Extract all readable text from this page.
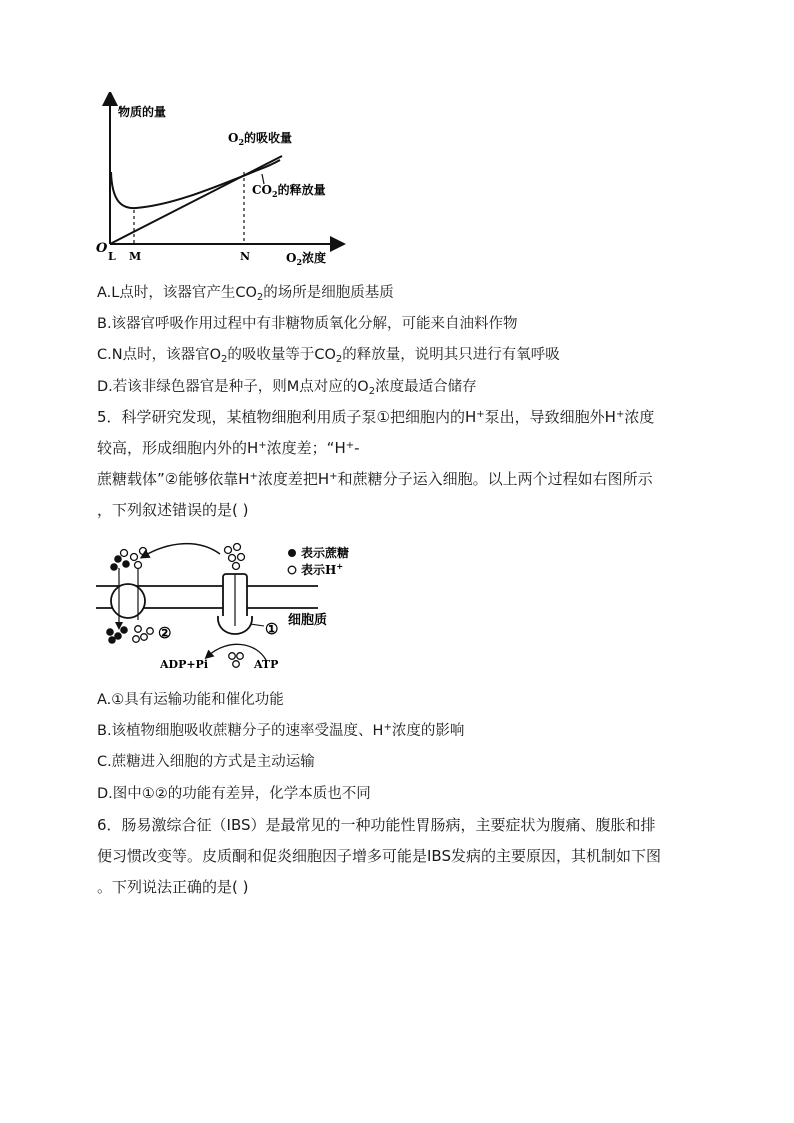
物质的量
O
$O_2$浓度
L M	N
$O_2$的吸收量
$CO_2$的释放量
A.L点时，该器官产生$CO_2$的场所是细胞质基质
B.该器官呼吸作用过程中有非糖物质氧化分解，可能来自油料作物
C.N点时，该器官$O_2$的吸收量等于$CO_2$的释放量，说明其只进行有氧呼吸
D.若该非绿色器官是种子，则M点对应的$O_2$浓度最适合储存
5．科学研究发现，某植物细胞利用质子泵①把细胞内的H+泵出，导致细胞外H+浓度
较高，形成细胞内外的H+浓度差；“H+-
蔗糖载体”②能够依靠H+浓度差把H+和蔗糖分子运入细胞。以上两个过程如右图所示
，下列叙述错误的是( )
②
ADP+Pi	ATP
① 细胞质
表示蔗糖
表示H+
A.①具有运输功能和催化功能
B.该植物细胞吸收蔗糖分子的速率受温度、H+浓度的影响
C.蔗糖进入细胞的方式是主动运输
D.图中①②的功能有差异，化学本质也不同
6．肠易激综合征（IBS）是最常见的一种功能性胃肠病，主要症状为腹痛、腹胀和排
便习惯改变等。皮质酮和促炎细胞因子增多可能是IBS发病的主要原因，其机制如下图
。下列说法正确的是( )
